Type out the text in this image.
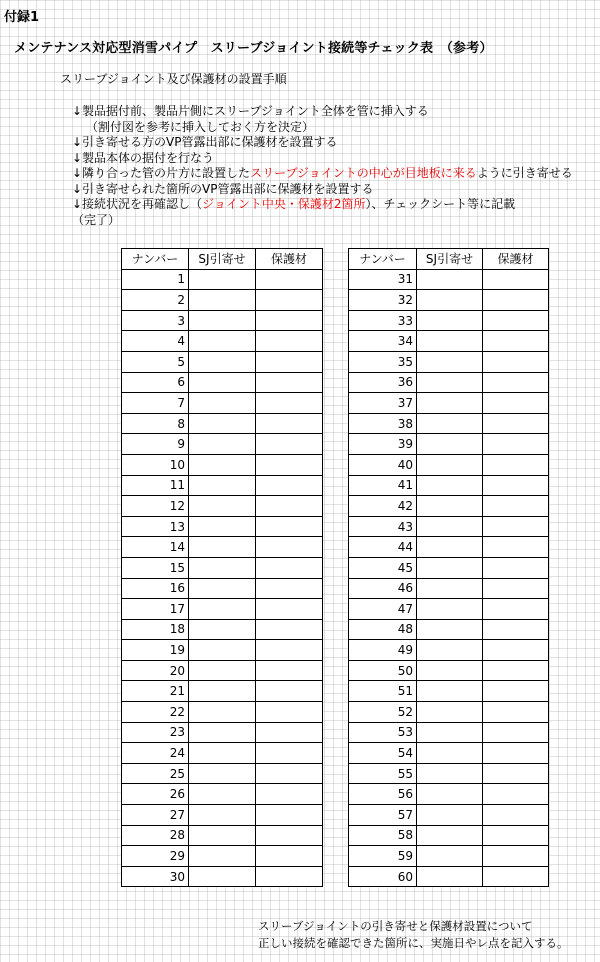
付録1
メンテナンス対応型消雪パイプ　スリーブジョイント接続等チェック表　（参考）
スリーブジョイント及び保護材の設置手順
↓製品据付前、製品片側にスリーブジョイント全体を管に挿入する
（割付図を参考に挿入しておく方を決定）
↓引き寄せる方のVP管露出部に保護材を設置する
↓製品本体の据付を行なう
↓隣り合った管の片方に設置したスリーブジョイントの中心が目地板に来るように引き寄せる
↓引き寄せられた箇所のVP管露出部に保護材を設置する
↓接続状況を再確認し（ジョイント中央・保護材2箇所）、チェックシート等に記載
（完了）
ナンバー	SJ引寄せ	保護材
1		
2		
3		
4		
5		
6		
7		
8		
9		
10		
11		
12		
13		
14		
15		
16		
17		
18		
19		
20		
21		
22		
23		
24		
25		
26		
27		
28		
29		
30		
ナンバー	SJ引寄せ	保護材
31		
32		
33		
34		
35		
36		
37		
38		
39		
40		
41		
42		
43		
44		
45		
46		
47		
48		
49		
50		
51		
52		
53		
54		
55		
56		
57		
58		
59		
60		
スリーブジョイントの引き寄せと保護材設置について
正しい接続を確認できた箇所に、実施日やレ点を記入する。
